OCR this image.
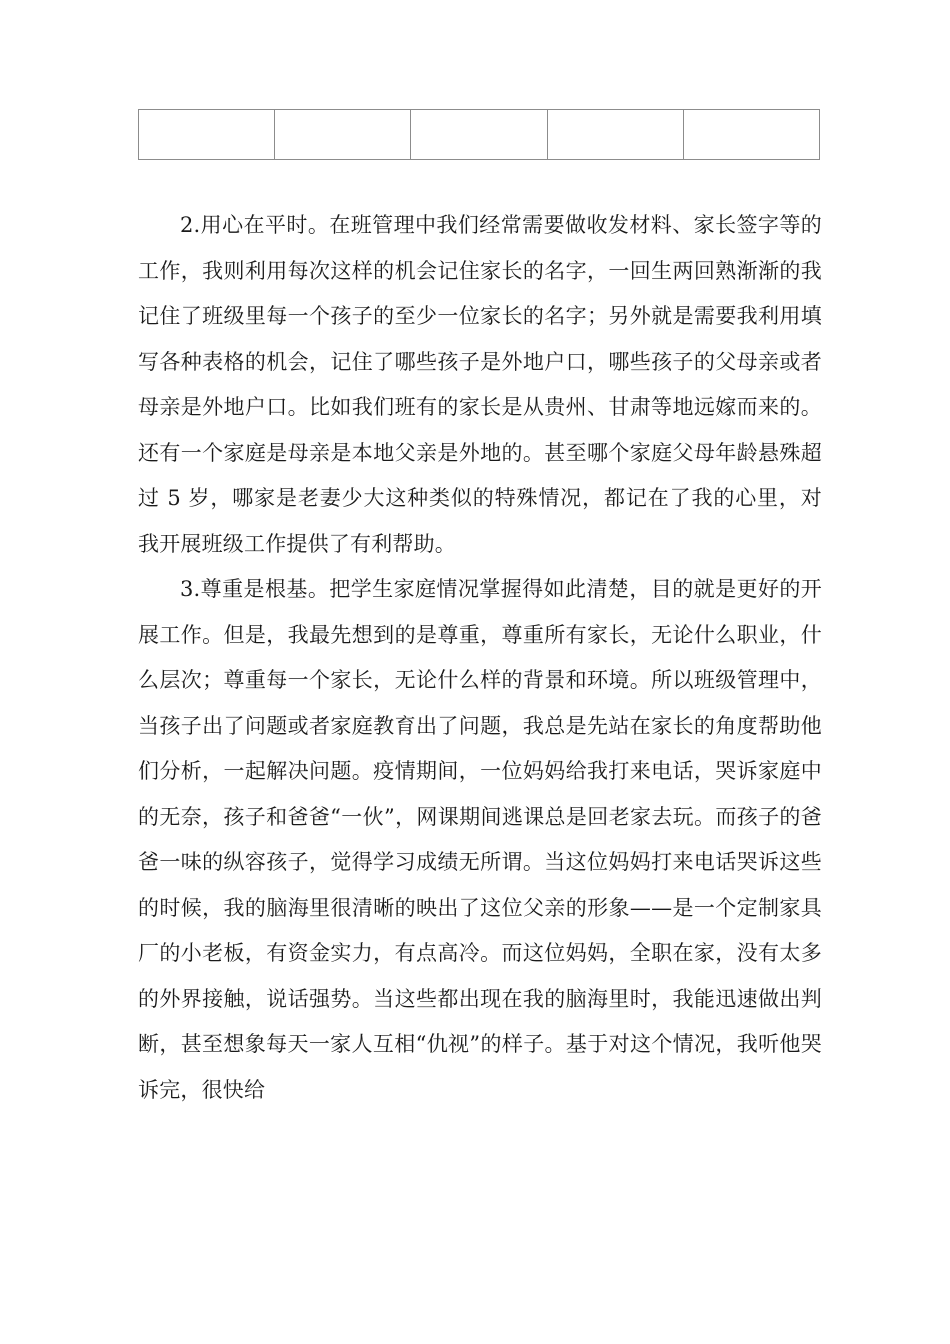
2.用心在平时。在班管理中我们经常需要做收发材料、家长签字等的工作，我则利用每次这样的机会记住家长的名字，一回生两回熟渐渐的我记住了班级里每一个孩子的至少一位家长的名字；另外就是需要我利用填写各种表格的机会，记住了哪些孩子是外地户口，哪些孩子的父母亲或者母亲是外地户口。比如我们班有的家长是从贵州、甘肃等地远嫁而来的。还有一个家庭是母亲是本地父亲是外地的。甚至哪个家庭父母年龄悬殊超过 5 岁，哪家是老妻少大这种类似的特殊情况，都记在了我的心里，对我开展班级工作提供了有利帮助。

3.尊重是根基。把学生家庭情况掌握得如此清楚，目的就是更好的开展工作。但是，我最先想到的是尊重，尊重所有家长，无论什么职业，什么层次；尊重每一个家长，无论什么样的背景和环境。所以班级管理中，当孩子出了问题或者家庭教育出了问题，我总是先站在家长的角度帮助他们分析，一起解决问题。疫情期间，一位妈妈给我打来电话，哭诉家庭中的无奈，孩子和爸爸“一伙”，网课期间逃课总是回老家去玩。而孩子的爸爸一味的纵容孩子，觉得学习成绩无所谓。当这位妈妈打来电话哭诉这些的时候，我的脑海里很清晰的映出了这位父亲的形象——是一个定制家具厂的小老板，有资金实力，有点高冷。而这位妈妈，全职在家，没有太多的外界接触，说话强势。当这些都出现在我的脑海里时，我能迅速做出判断，甚至想象每天一家人互相“仇视”的样子。基于对这个情况，我听他哭诉完，很快给
